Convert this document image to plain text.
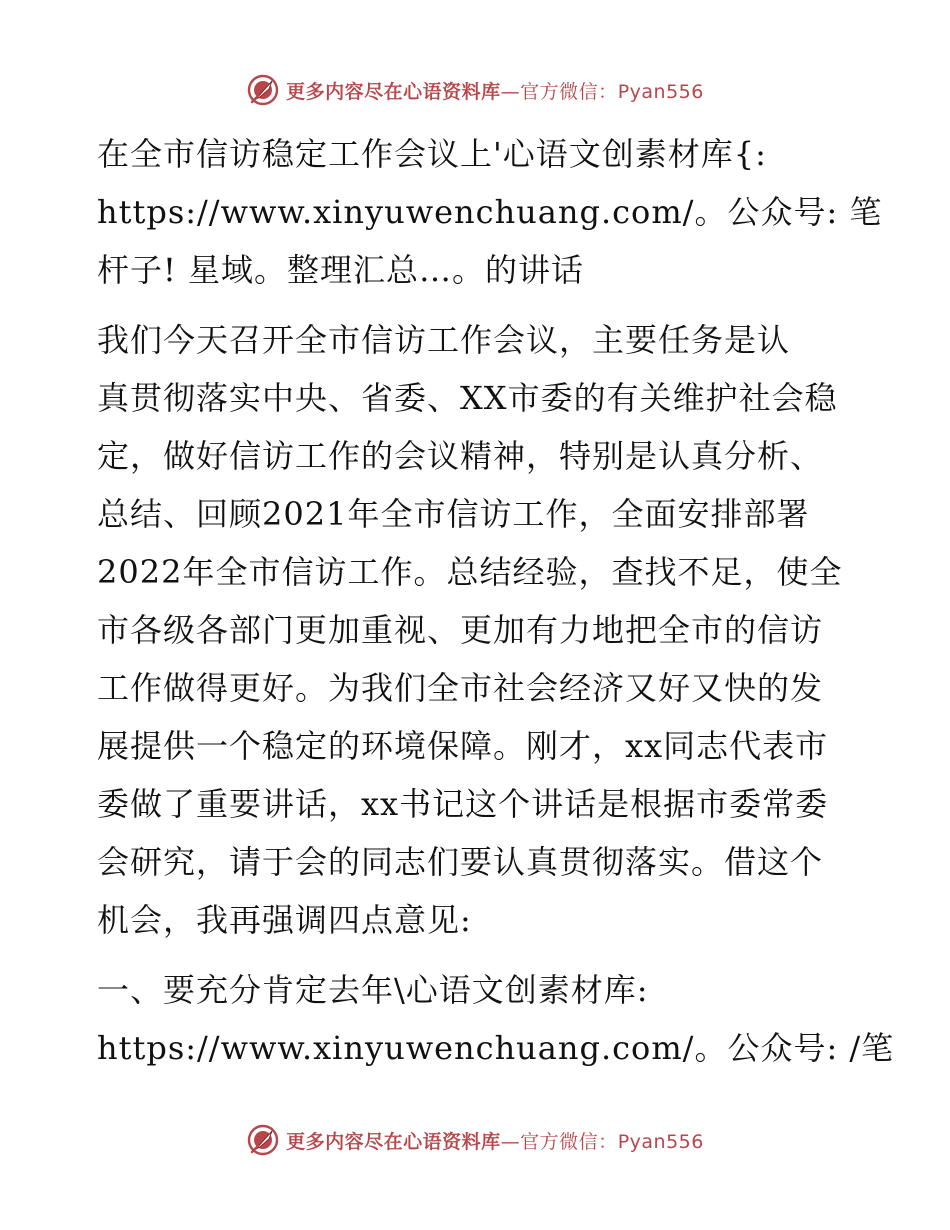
更多内容尽在心语资料库—官方微信：Pyan556

在全市信访稳定工作会议上'心语文创素材库{:
https://www.xinyuwenchuang.com/。公众号: 笔
杆子! 星域。整理汇总…。的讲话

我们今天召开全市信访工作会议，主要任务是认
真贯彻落实中央、省委、XX市委的有关维护社会稳
定，做好信访工作的会议精神，特别是认真分析、
总结、回顾2021年全市信访工作，全面安排部署
2022年全市信访工作。总结经验，查找不足，使全
市各级各部门更加重视、更加有力地把全市的信访
工作做得更好。为我们全市社会经济又好又快的发
展提供一个稳定的环境保障。刚才，xx同志代表市
委做了重要讲话，xx书记这个讲话是根据市委常委
会研究，请于会的同志们要认真贯彻落实。借这个
机会，我再强调四点意见:

一、要充分肯定去年\心语文创素材库:
https://www.xinyuwenchuang.com/。公众号: /笔

更多内容尽在心语资料库—官方微信：Pyan556
